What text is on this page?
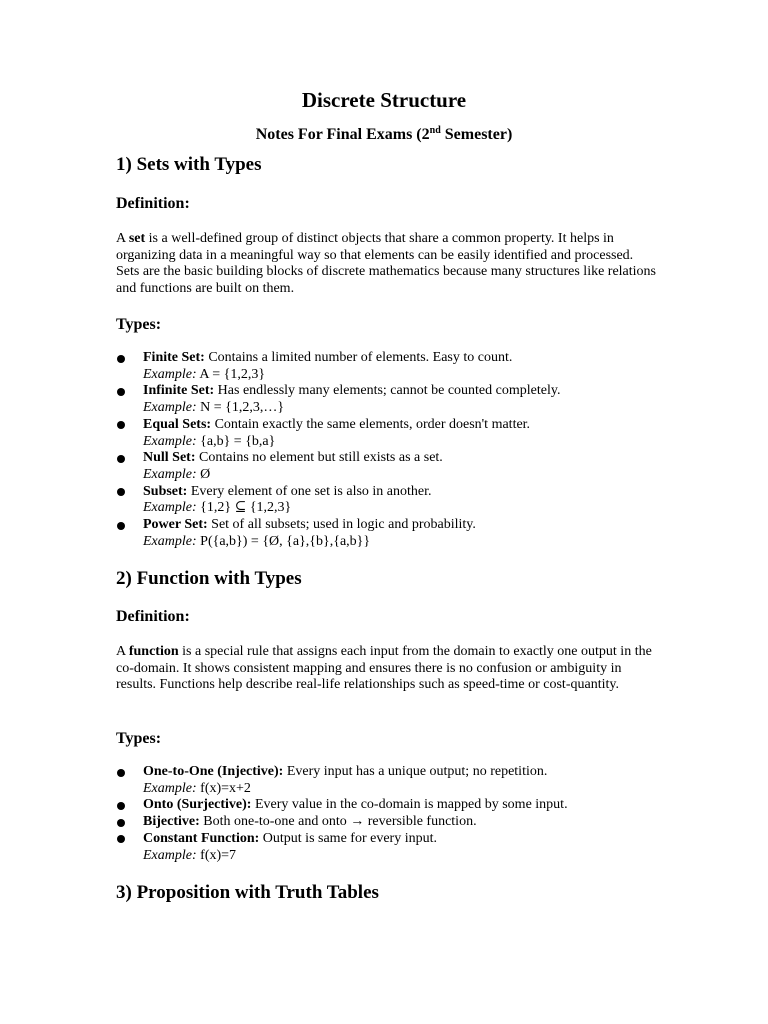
Discrete Structure
Notes For Final Exams (2nd Semester)
1) Sets with Types
Definition:

A set is a well-defined group of distinct objects that share a common property. It helps in organizing data in a meaningful way so that elements can be easily identified and processed. Sets are the basic building blocks of discrete mathematics because many structures like relations and functions are built on them.

Types:
Finite Set: Contains a limited number of elements. Easy to count.
Example: A = {1,2,3}
Infinite Set: Has endlessly many elements; cannot be counted completely.
Example: N = {1,2,3,…}
Equal Sets: Contain exactly the same elements, order doesn't matter.
Example: {a,b} = {b,a}
Null Set: Contains no element but still exists as a set.
Example: Ø
Subset: Every element of one set is also in another.
Example: {1,2} ⊆ {1,2,3}
Power Set: Set of all subsets; used in logic and probability.
Example: P({a,b}) = {Ø, {a},{b},{a,b}}
2) Function with Types
Definition:

A function is a special rule that assigns each input from the domain to exactly one output in the co-domain. It shows consistent mapping and ensures there is no confusion or ambiguity in results. Functions help describe real-life relationships such as speed-time or cost-quantity.

Types:
One-to-One (Injective): Every input has a unique output; no repetition.
Example: f(x)=x+2
Onto (Surjective): Every value in the co-domain is mapped by some input.
Bijective: Both one-to-one and onto → reversible function.
Constant Function: Output is same for every input.
Example: f(x)=7
3) Proposition with Truth Tables
